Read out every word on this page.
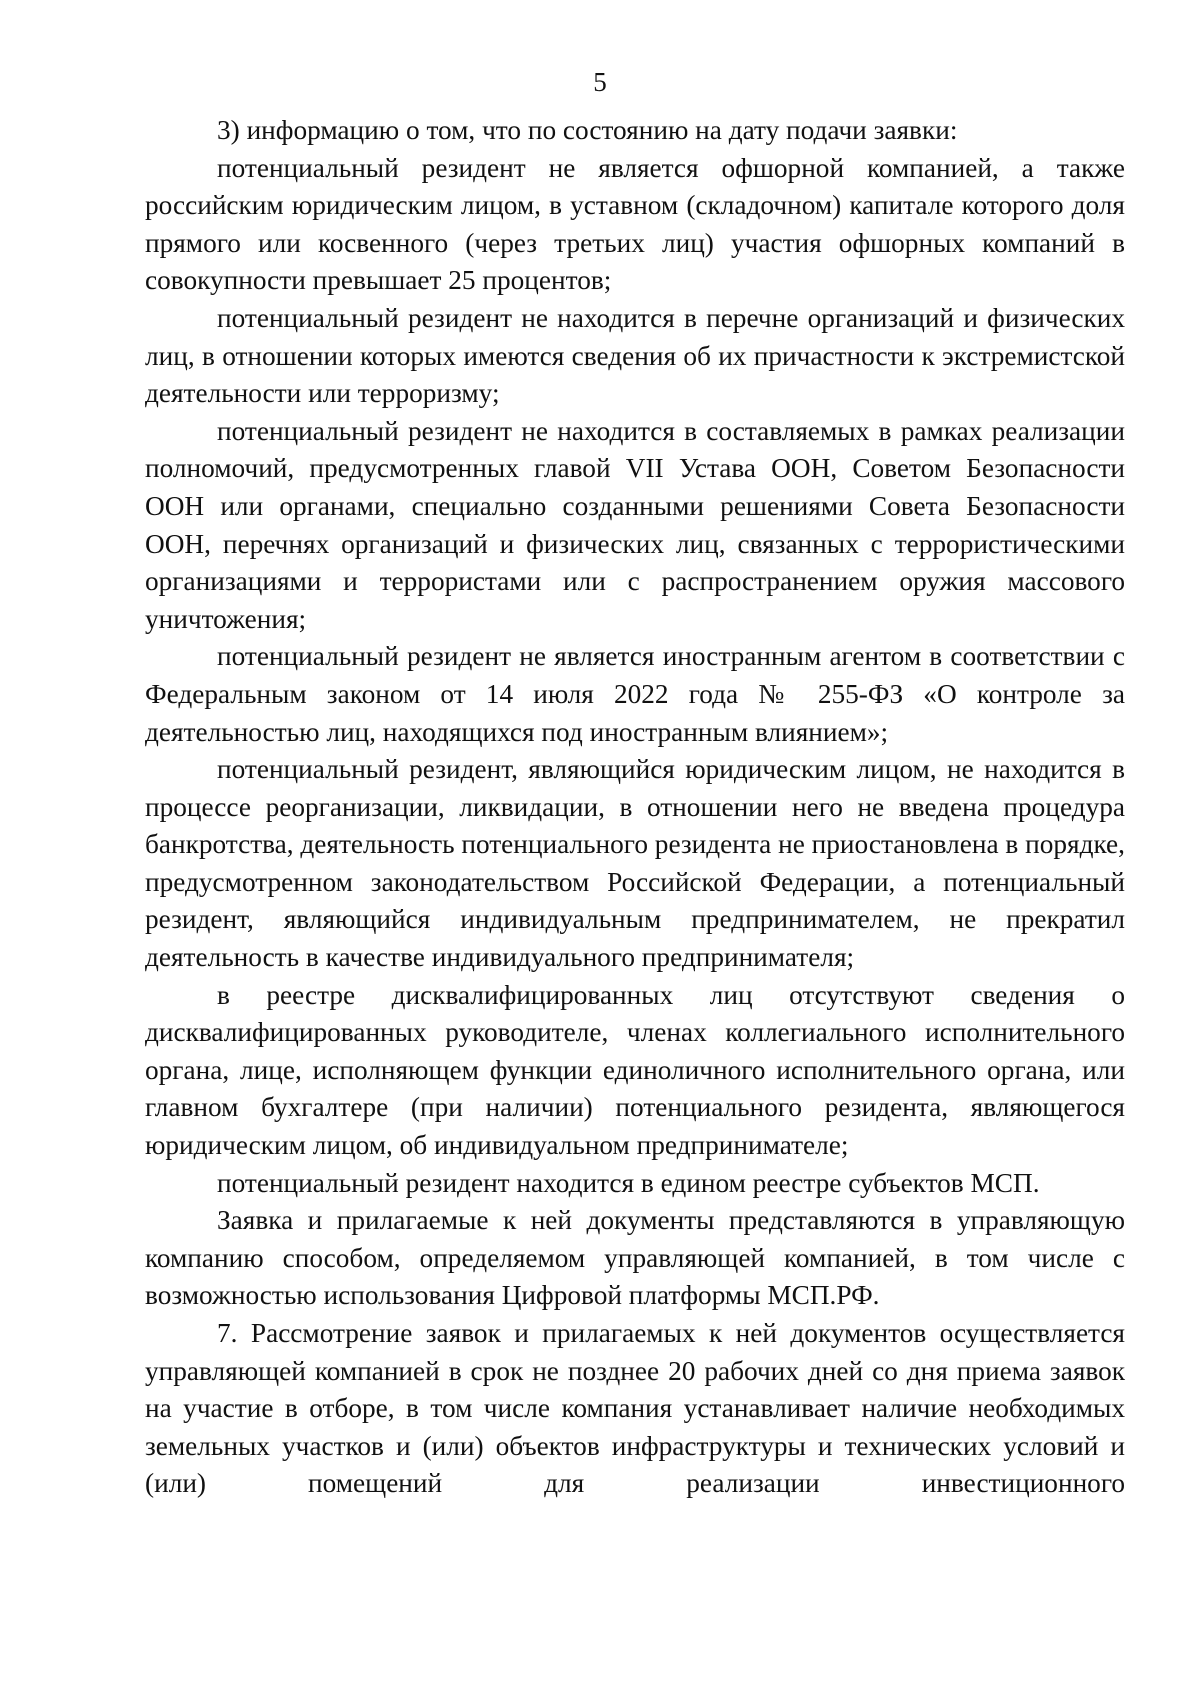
5

3) информацию о том, что по состоянию на дату подачи заявки:

потенциальный резидент не является офшорной компанией, а также российским юридическим лицом, в уставном (складочном) капитале которого доля прямого или косвенного (через третьих лиц) участия офшорных компаний в совокупности превышает 25 процентов;

потенциальный резидент не находится в перечне организаций и физических лиц, в отношении которых имеются сведения об их причастности к экстремистской деятельности или терроризму;

потенциальный резидент не находится в составляемых в рамках реализации полномочий, предусмотренных главой VII Устава ООН, Советом Безопасности ООН или органами, специально созданными решениями Совета Безопасности ООН, перечнях организаций и физических лиц, связанных с террористическими организациями и террористами или с распространением оружия массового уничтожения;

потенциальный резидент не является иностранным агентом в соответствии с Федеральным законом от 14 июля 2022 года № 255-ФЗ «О контроле за деятельностью лиц, находящихся под иностранным влиянием»;

потенциальный резидент, являющийся юридическим лицом, не находится в процессе реорганизации, ликвидации, в отношении него не введена процедура банкротства, деятельность потенциального резидента не приостановлена в порядке, предусмотренном законодательством Российской Федерации, а потенциальный резидент, являющийся индивидуальным предпринимателем, не прекратил деятельность в качестве индивидуального предпринимателя;

в реестре дисквалифицированных лиц отсутствуют сведения о дисквалифицированных руководителе, членах коллегиального исполнительного органа, лице, исполняющем функции единоличного исполнительного органа, или главном бухгалтере (при наличии) потенциального резидента, являющегося юридическим лицом, об индивидуальном предпринимателе;

потенциальный резидент находится в едином реестре субъектов МСП.

Заявка и прилагаемые к ней документы представляются в управляющую компанию способом, определяемом управляющей компанией, в том числе с возможностью использования Цифровой платформы МСП.РФ.

7. Рассмотрение заявок и прилагаемых к ней документов осуществляется управляющей компанией в срок не позднее 20 рабочих дней со дня приема заявок на участие в отборе, в том числе компания устанавливает наличие необходимых земельных участков и (или) объектов инфраструктуры и технических условий и (или) помещений для реализации инвестиционного
